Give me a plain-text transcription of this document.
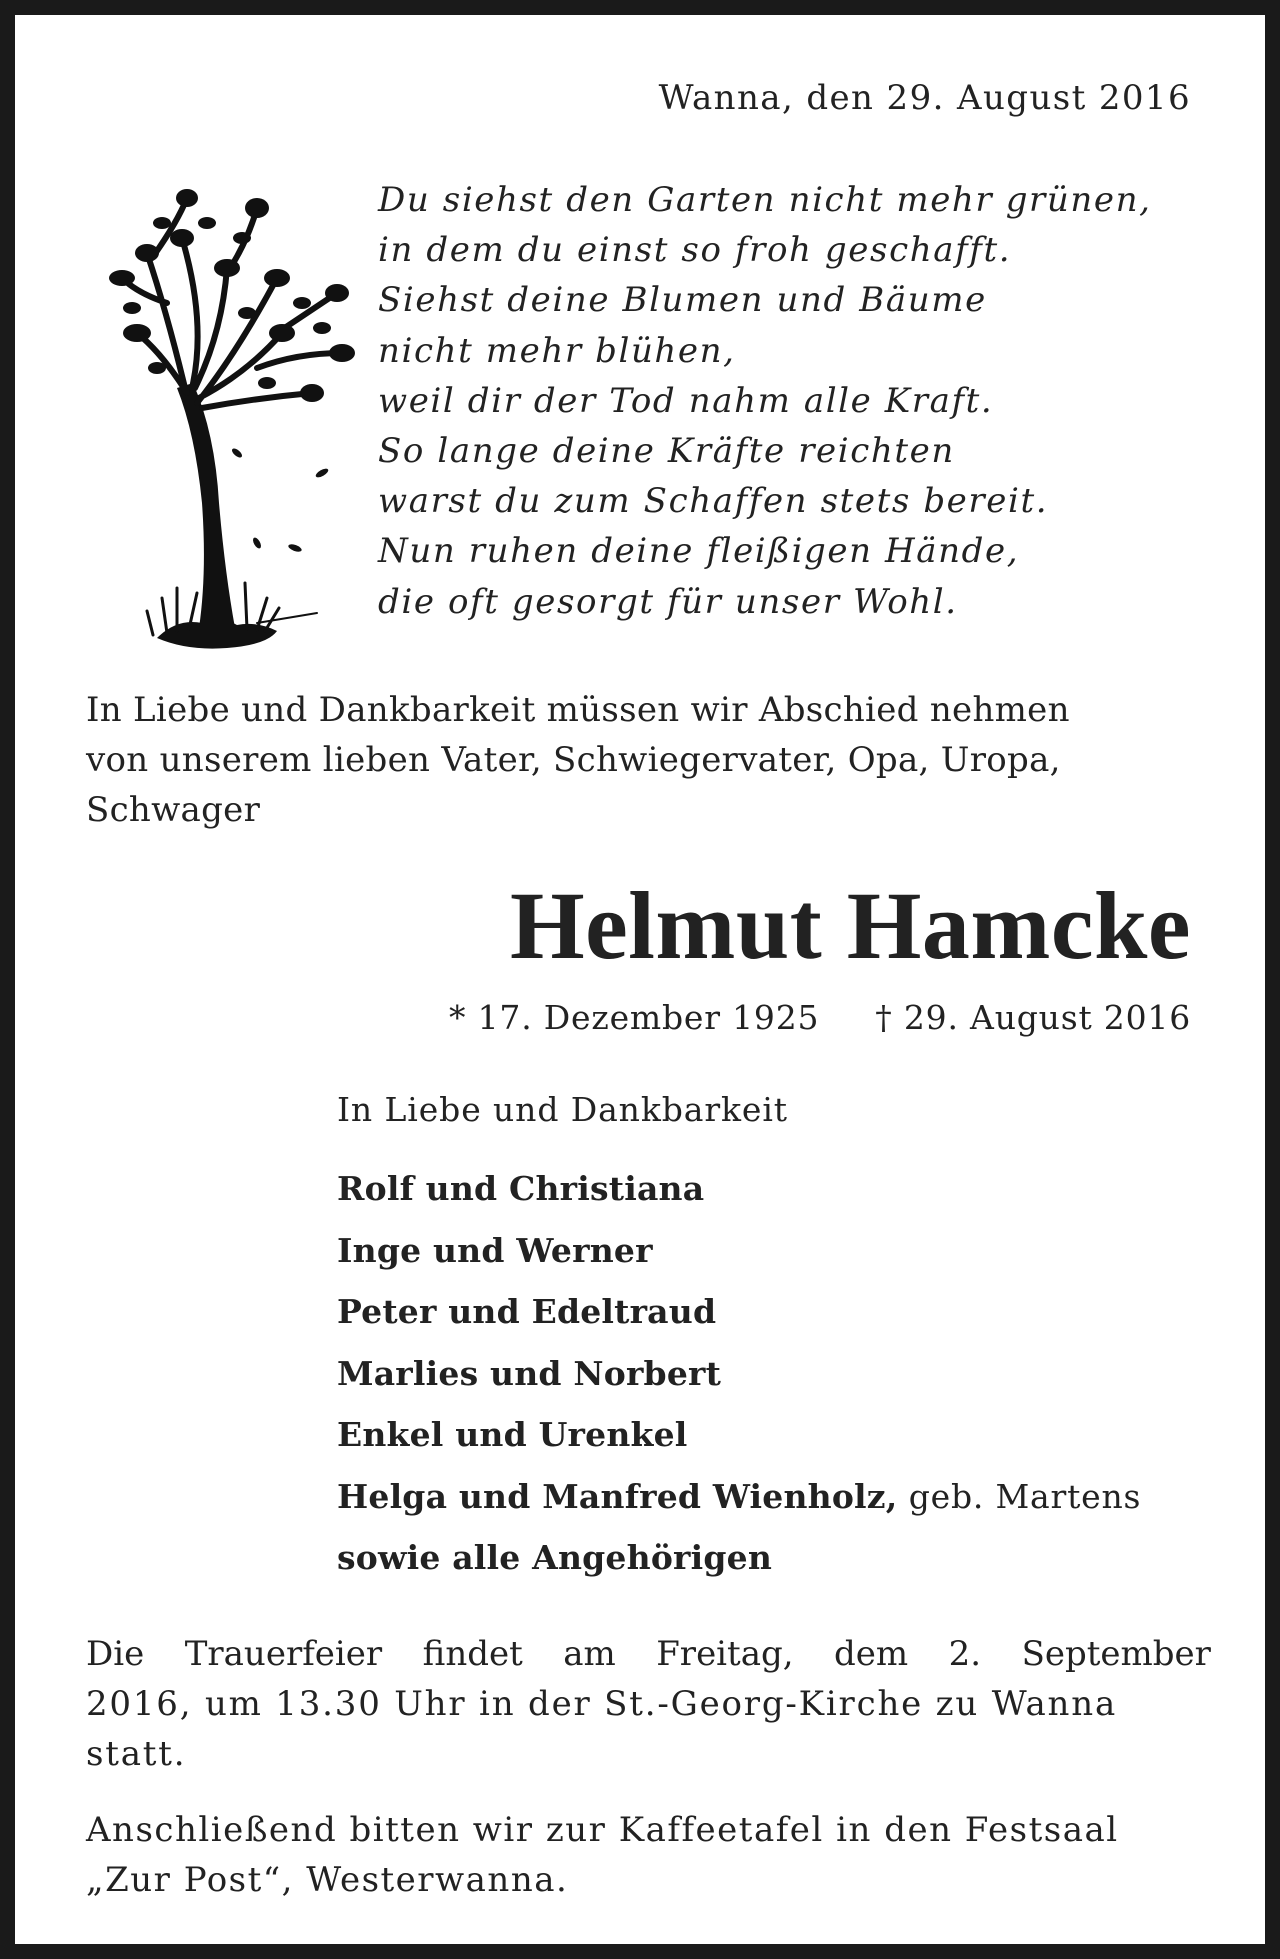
Wanna, den 29. August 2016
Du siehst den Garten nicht mehr grünen,
in dem du einst so froh geschafft.
Siehst deine Blumen und Bäume
nicht mehr blühen,
weil dir der Tod nahm alle Kraft.
So lange deine Kräfte reichten
warst du zum Schaffen stets bereit.
Nun ruhen deine fleißigen Hände,
die oft gesorgt für unser Wohl.
In Liebe und Dankbarkeit müssen wir Abschied nehmen
von unserem lieben Vater, Schwiegervater, Opa, Uropa,
Schwager
Helmut Hamcke
* 17. Dezember 1925 † 29. August 2016
In Liebe und Dankbarkeit
Rolf und Christiana
Inge und Werner
Peter und Edeltraud
Marlies und Norbert
Enkel und Urenkel
Helga und Manfred Wienholz, geb. Martens
sowie alle Angehörigen
Die Trauerfeier findet am Freitag, dem 2. September
2016, um 13.30 Uhr in der St.-Georg-Kirche zu Wanna
statt.
Anschließend bitten wir zur Kaffeetafel in den Festsaal
„Zur Post“, Westerwanna.
